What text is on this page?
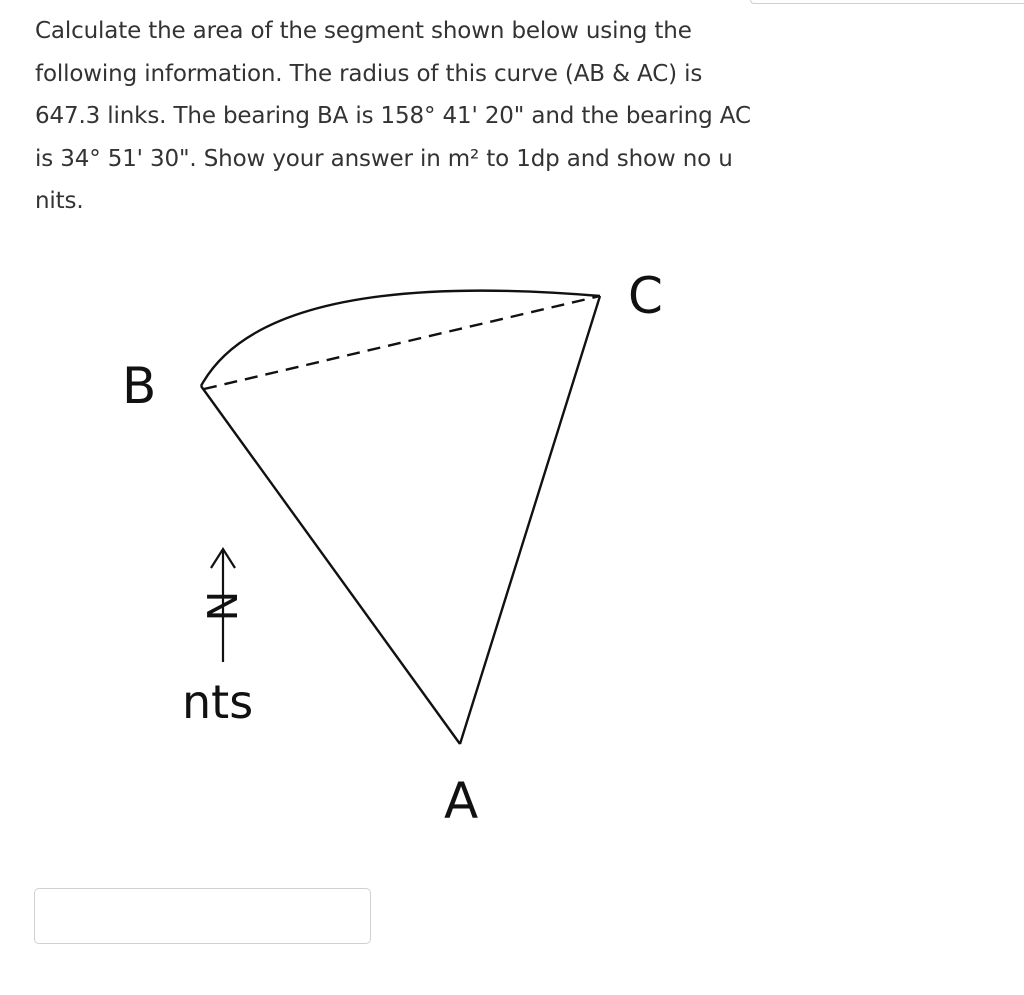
Calculate the area of the segment shown below using the
following information. The radius of this curve (AB & AC) is
647.3 links. The bearing BA is 158° 41' 20" and the bearing AC
is 34° 51' 30". Show your answer in m² to 1dp and show no u
nits.
B
C
A
N
nts
